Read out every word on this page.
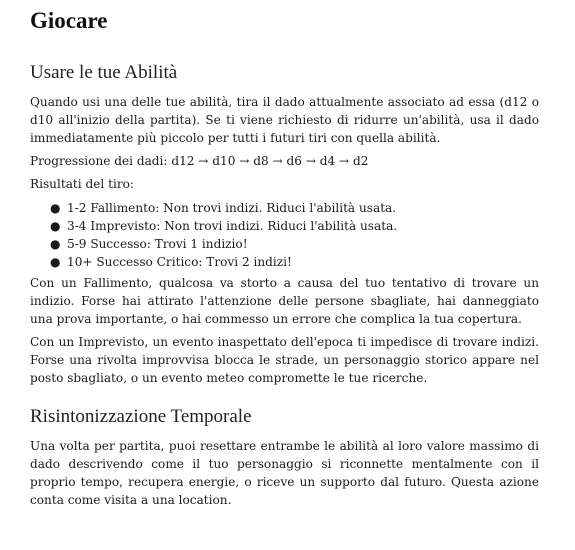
Giocare
Usare le tue Abilità

Quando usi una delle tue abilità, tira il dado attualmente associato ad essa (d12 o d10 all'inizio della partita). Se ti viene richiesto di ridurre un'abilità, usa il dado immediatamente più piccolo per tutti i futuri tiri con quella abilità.

Progressione dei dadi: d12 → d10 → d8 → d6 → d4 → d2

Risultati del tiro:

● 1-2 Fallimento: Non trovi indizi. Riduci l'abilità usata.
● 3-4 Imprevisto: Non trovi indizi. Riduci l'abilità usata.
● 5-9 Successo: Trovi 1 indizio!
● 10+ Successo Critico: Trovi 2 indizi!

Con un Fallimento, qualcosa va storto a causa del tuo tentativo di trovare un indizio. Forse hai attirato l'attenzione delle persone sbagliate, hai danneggiato una prova importante, o hai commesso un errore che complica la tua copertura.

Con un Imprevisto, un evento inaspettato dell'epoca ti impedisce di trovare indizi. Forse una rivolta improvvisa blocca le strade, un personaggio storico appare nel posto sbagliato, o un evento meteo compromette le tue ricerche.

Risintonizzazione Temporale

Una volta per partita, puoi resettare entrambe le abilità al loro valore massimo di dado descrivendo come il tuo personaggio si riconnette mentalmente con il proprio tempo, recupera energie, o riceve un supporto dal futuro. Questa azione conta come visita a una location.
